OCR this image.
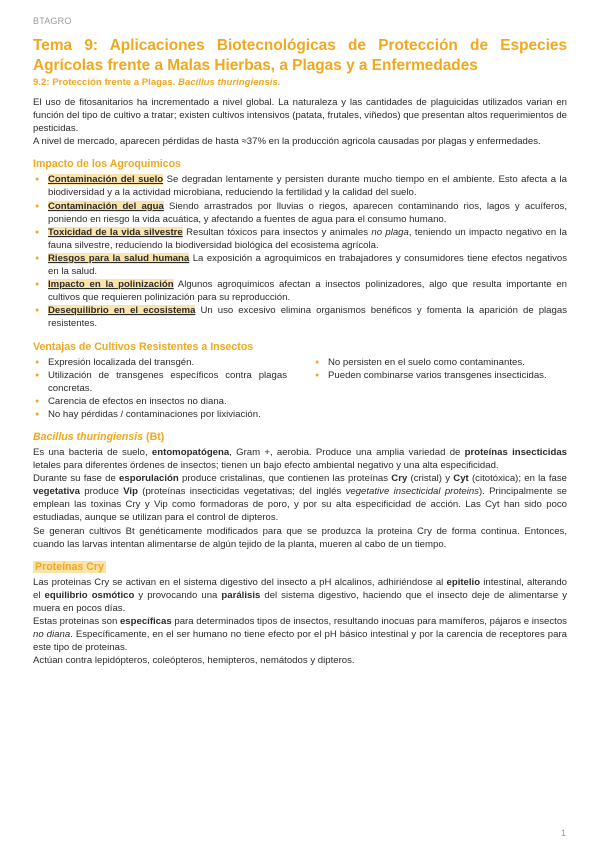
BTAGRO
Tema 9: Aplicaciones Biotecnológicas de Protección de Especies Agrícolas frente a Malas Hierbas, a Plagas y a Enfermedades
9.2: Protección frente a Plagas. Bacillus thuringiensis.

El uso de fitosanitarios ha incrementado a nivel global. La naturaleza y las cantidades de plaguicidas utilizados varian en función del tipo de cultivo a tratar; existen cultivos intensivos (patata, frutales, viñedos) que presentan altos requerimientos de pesticidas.

A nivel de mercado, aparecen pérdidas de hasta ≈37% en la producción agricola causadas por plagas y enfermedades.

Impacto de los Agroquimicos
● Contaminación del suelo Se degradan lentamente y persisten durante mucho tiempo en el ambiente. Esto afecta a la biodiversidad y a la actividad microbiana, reduciendo la fertilidad y la calidad del suelo.
● Contaminación del agua Siendo arrastrados por lluvias o riegos, aparecen contaminando rios, lagos y acuíferos, poniendo en riesgo la vida acuática, y afectando a fuentes de agua para el consumo humano.
● Toxicidad de la vida silvestre Resultan tóxicos para insectos y animales no plaga, teniendo un impacto negativo en la fauna silvestre, reduciendo la biodiversidad biológica del ecosistema agrícola.
● Riesgos para la salud humana La exposición a agroquimicos en trabajadores y consumidores tiene efectos negativos en la salud.
● Impacto en la polinización Algunos agroquimicos afectan a insectos polinizadores, algo que resulta importante en cultivos que requieren polinización para su reproducción.
● Desequilibrio en el ecosistema Un uso excesivo elimina organismos benéficos y fomenta la aparición de plagas resistentes.
Ventajas de Cultivos Resistentes a Insectos
● Expresión localizada del transgén.
● Utilización de transgenes específicos contra plagas concretas.
● Carencia de efectos en insectos no diana.
● No hay pérdidas / contaminaciones por lixiviación.
● No persisten en el suelo como contaminantes.
● Pueden combinarse varios transgenes insecticidas.
Bacillus thuringiensis (Bt)

Es una bacteria de suelo, entomopatógena, Gram +, aerobia. Produce una amplia variedad de proteínas insecticidas letales para diferentes órdenes de insectos; tienen un bajo efecto ambiental negativo y una alta especificidad.

Durante su fase de esporulación produce cristalinas, que contienen las proteínas Cry (cristal) y Cyt (citotóxica); en la fase vegetativa produce Vip (proteínas insecticidas vegetativas; del inglés vegetative insecticidal proteins). Principalmente se emplean las toxinas Cry y Vip como formadoras de poro, y por su alta especificidad de acción. Las Cyt han sido poco estudiadas, aunque se utilizan para el control de dipteros.

Se generan cultivos Bt genéticamente modificados para que se produzca la proteina Cry de forma continua. Entonces, cuando las larvas intentan alimentarse de algún tejido de la planta, mueren al cabo de un tiempo.

Proteínas Cry

Las proteinas Cry se activan en el sistema digestivo del insecto a pH alcalinos, adhiriéndose al epitelio intestinal, alterando el equilibrio osmótico y provocando una parálisis del sistema digestivo, haciendo que el insecto deje de alimentarse y muera en pocos días.

Estas proteinas son específicas para determinados tipos de insectos, resultando inocuas para mamíferos, pájaros e insectos no diana. Específicamente, en el ser humano no tiene efecto por el pH básico intestinal y por la carencia de receptores para este tipo de proteinas.

Actúan contra lepidópteros, coleópteros, hemipteros, nemátodos y dipteros.

1
